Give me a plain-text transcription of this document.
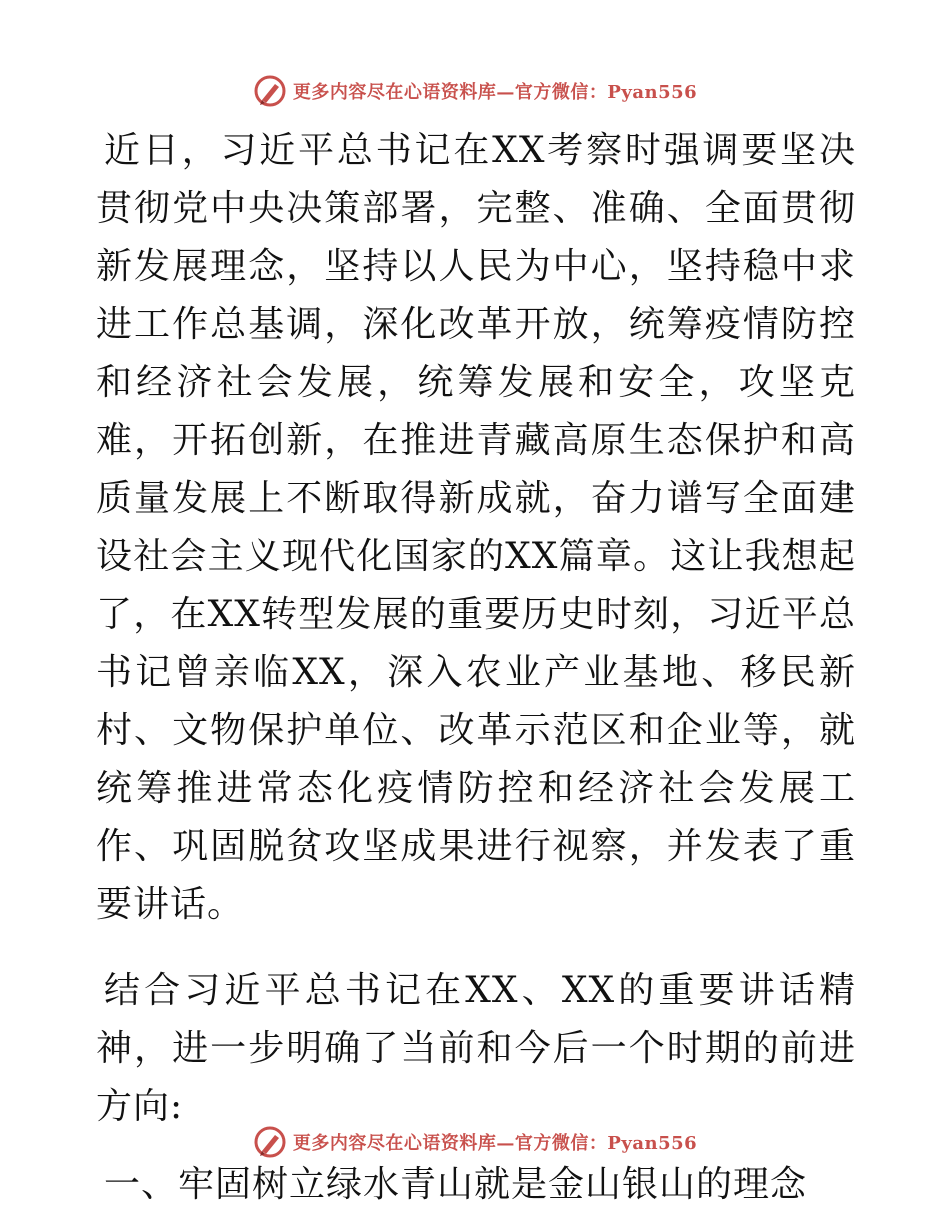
更多内容尽在心语资料库—官方微信：Pyan556

近日，习近平总书记在XX考察时强调要坚决贯彻党中央决策部署，完整、准确、全面贯彻新发展理念，坚持以人民为中心，坚持稳中求进工作总基调，深化改革开放，统筹疫情防控和经济社会发展，统筹发展和安全，攻坚克难，开拓创新，在推进青藏高原生态保护和高质量发展上不断取得新成就，奋力谱写全面建设社会主义现代化国家的XX篇章。这让我想起了，在XX转型发展的重要历史时刻，习近平总书记曾亲临XX，深入农业产业基地、移民新村、文物保护单位、改革示范区和企业等，就统筹推进常态化疫情防控和经济社会发展工作、巩固脱贫攻坚成果进行视察，并发表了重要讲话。

结合习近平总书记在XX、XX的重要讲话精神，进一步明确了当前和今后一个时期的前进方向:

一、牢固树立绿水青山就是金山银山的理念

更多内容尽在心语资料库—官方微信：Pyan556
